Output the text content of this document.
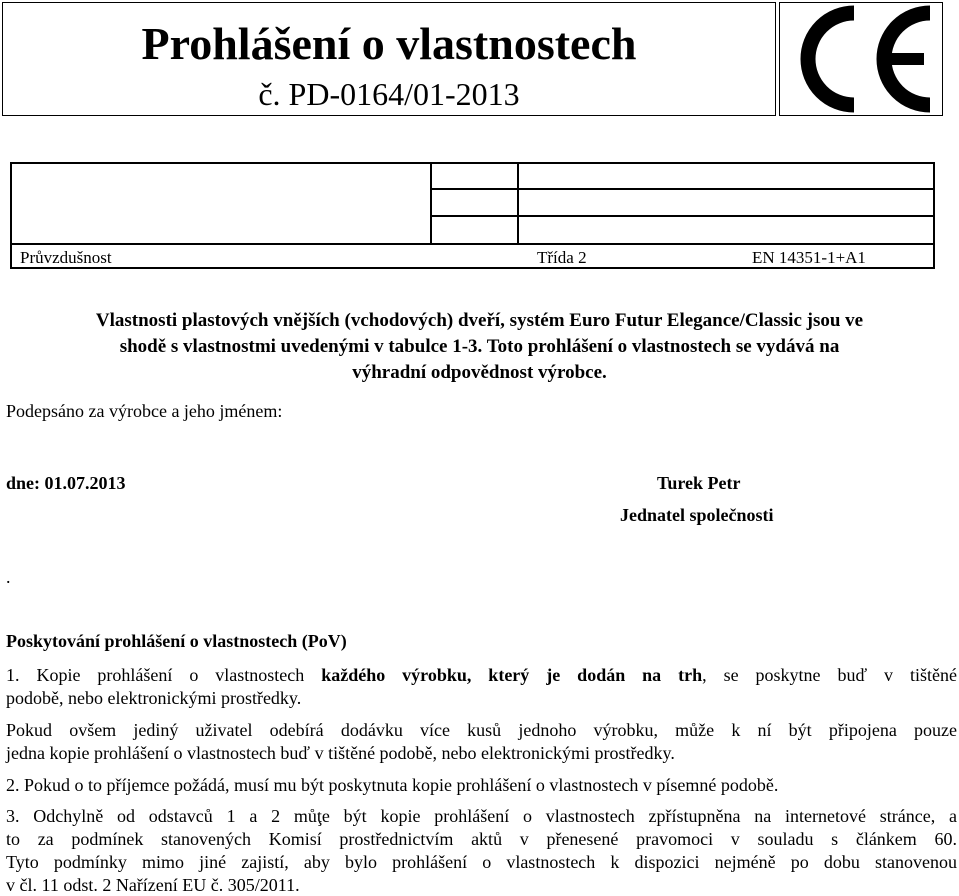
Prohlášení o vlastnostech
č. PD-0164/01-2013
Průvzdušnost	Třída 2	EN 14351-1+A1
Vlastnosti plastových vnějších (vchodových) dveří, systém Euro Futur Elegance/Classic jsou ve
shodě s vlastnostmi uvedenými v tabulce 1-3. Toto prohlášení o vlastnostech se vydává na
výhradní odpovědnost výrobce.
Podepsáno za výrobce a jeho jménem:
dne: 01.07.2013	Turek Petr
Jednatel společnosti
.
Poskytování prohlášení o vlastnostech (PoV)
1. Kopie prohlášení o vlastnostech každého výrobku, který je dodán na trh, se poskytne buď v tištěné
podobě, nebo elektronickými prostředky.
Pokud ovšem jediný uživatel odebírá dodávku více kusů jednoho výrobku, může k ní být připojena pouze
jedna kopie prohlášení o vlastnostech buď v tištěné podobě, nebo elektronickými prostředky.
2. Pokud o to příjemce požádá, musí mu být poskytnuta kopie prohlášení o vlastnostech v písemné podobě.
3. Odchylně od odstavců 1 a 2 můţe být kopie prohlášení o vlastnostech zpřístupněna na internetové stránce, a
to za podmínek stanovených Komisí prostřednictvím aktů v přenesené pravomoci v souladu s článkem 60.
Tyto podmínky mimo jiné zajistí, aby bylo prohlášení o vlastnostech k dispozici nejméně po dobu stanovenou
v čl. 11 odst. 2 Nařízení EU č. 305/2011.
